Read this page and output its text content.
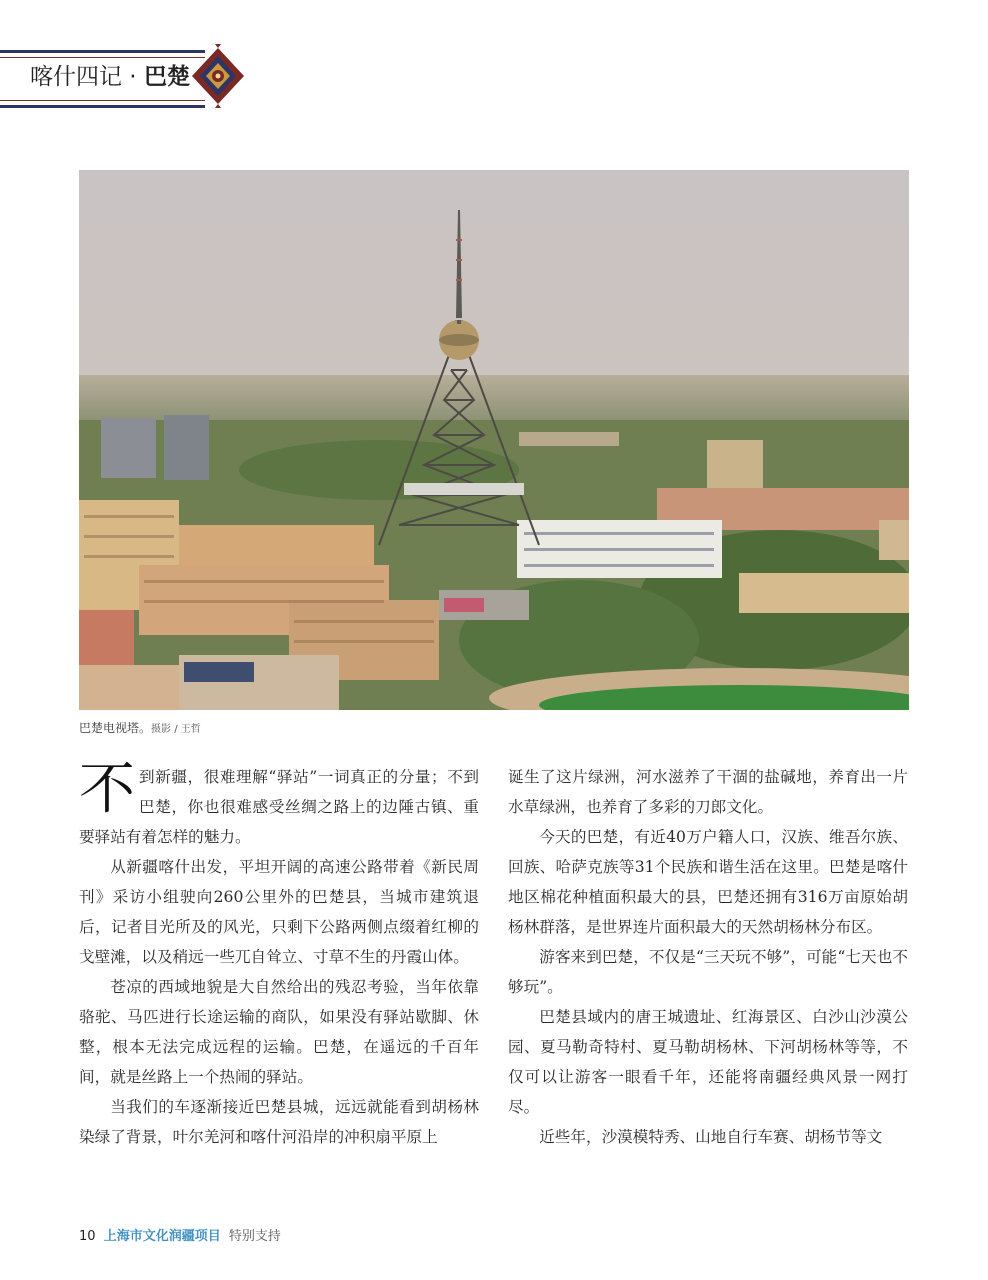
喀什四记 · 巴楚
巴楚电视塔。摄影 / 王哲

不到新疆，很难理解“驿站”一词真正的分量；不到巴楚，你也很难感受丝绸之路上的边陲古镇、重要驿站有着怎样的魅力。

从新疆喀什出发，平坦开阔的高速公路带着《新民周刊》采访小组驶向260公里外的巴楚县，当城市建筑退后，记者目光所及的风光，只剩下公路两侧点缀着红柳的戈壁滩，以及稍远一些兀自耸立、寸草不生的丹霞山体。

苍凉的西域地貌是大自然给出的残忍考验，当年依靠骆驼、马匹进行长途运输的商队，如果没有驿站歇脚、休整，根本无法完成远程的运输。巴楚，在遥远的千百年间，就是丝路上一个热闹的驿站。

当我们的车逐渐接近巴楚县城，远远就能看到胡杨林染绿了背景，叶尔羌河和喀什河沿岸的冲积扇平原上

诞生了这片绿洲，河水滋养了干涸的盐碱地，养育出一片水草绿洲，也养育了多彩的刀郎文化。

今天的巴楚，有近40万户籍人口，汉族、维吾尔族、回族、哈萨克族等31个民族和谐生活在这里。巴楚是喀什地区棉花种植面积最大的县，巴楚还拥有316万亩原始胡杨林群落，是世界连片面积最大的天然胡杨林分布区。

游客来到巴楚，不仅是“三天玩不够”，可能“七天也不够玩”。

巴楚县域内的唐王城遗址、红海景区、白沙山沙漠公园、夏马勒奇特村、夏马勒胡杨林、下河胡杨林等等，不仅可以让游客一眼看千年，还能将南疆经典风景一网打尽。

近些年，沙漠模特秀、山地自行车赛、胡杨节等文

10 上海市文化润疆项目 特别支持
